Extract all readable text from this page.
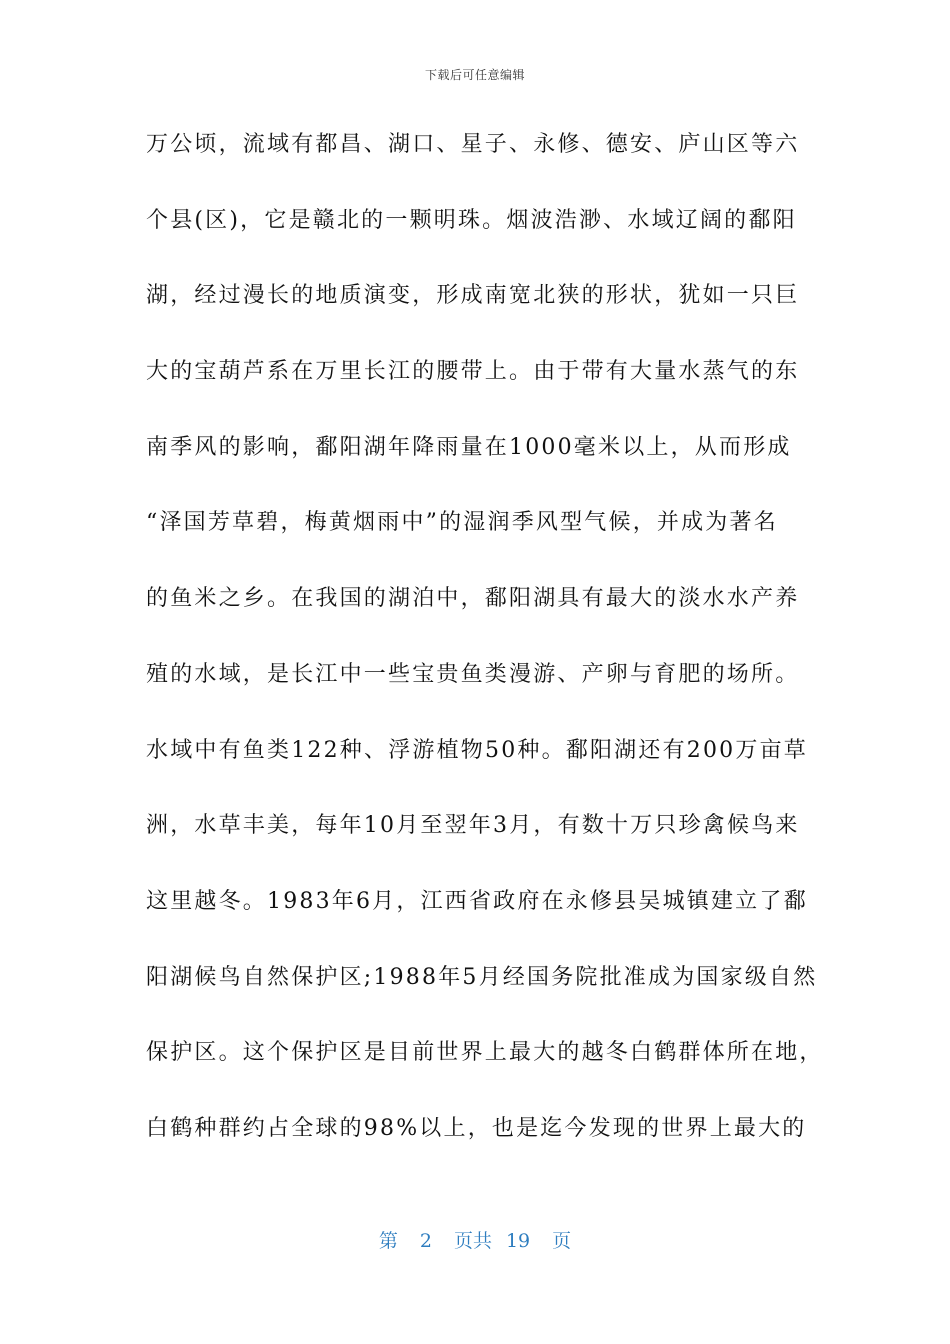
下载后可任意编辑
万公顷，流域有都昌、湖口、星子、永修、德安、庐山区等六
个县(区)，它是赣北的一颗明珠。烟波浩渺、水域辽阔的鄱阳
湖，经过漫长的地质演变，形成南宽北狭的形状，犹如一只巨
大的宝葫芦系在万里长江的腰带上。由于带有大量水蒸气的东
南季风的影响，鄱阳湖年降雨量在1000毫米以上，从而形成
“泽国芳草碧，梅黄烟雨中”的湿润季风型气候，并成为著名
的鱼米之乡。在我国的湖泊中，鄱阳湖具有最大的淡水水产养
殖的水域，是长江中一些宝贵鱼类漫游、产卵与育肥的场所。
水域中有鱼类122种、浮游植物50种。鄱阳湖还有200万亩草
洲，水草丰美，每年10月至翌年3月，有数十万只珍禽候鸟来
这里越冬。1983年6月，江西省政府在永修县吴城镇建立了鄱
阳湖候鸟自然保护区;1988年5月经国务院批准成为国家级自然
保护区。这个保护区是目前世界上最大的越冬白鹤群体所在地，
白鹤种群约占全球的98%以上，也是迄今发现的世界上最大的
第 2 页共 19 页
